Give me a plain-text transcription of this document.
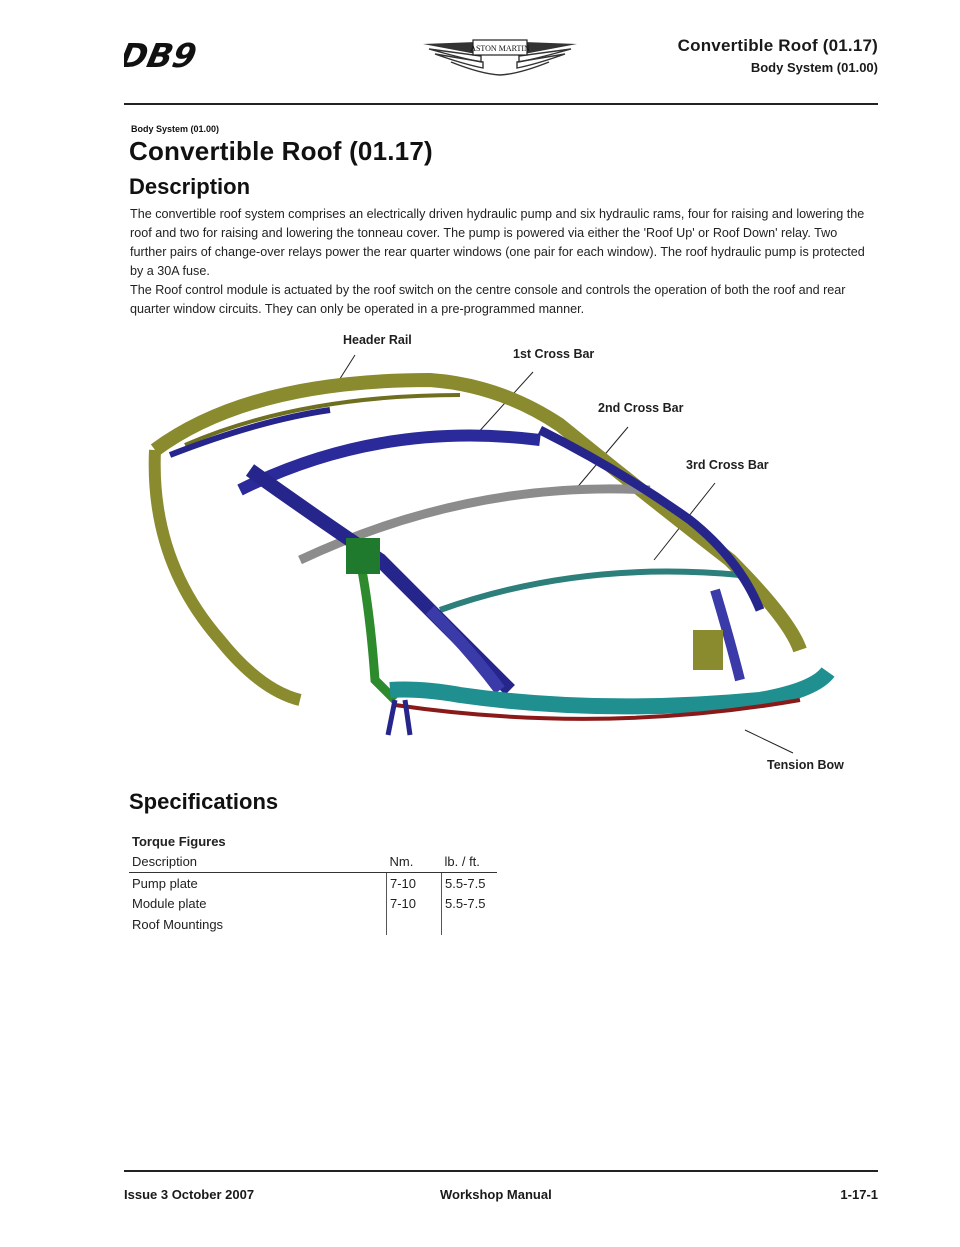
DB9	ASTON MARTIN	Convertible Roof (01.17)
Body System (01.00)
Body System (01.00)
Convertible Roof (01.17)
Description
The convertible roof system comprises an electrically driven hydraulic pump and six hydraulic rams, four for raising and lowering the roof and two for raising and lowering the tonneau cover. The pump is powered via either the 'Roof Up' or Roof Down' relay. Two further pairs of change-over relays power the rear quarter windows (one pair for each window). The roof hydraulic pump is protected by a 30A fuse.
The Roof control module is actuated by the roof switch on the centre console and controls the operation of both the roof and rear quarter window circuits. They can only be operated in a pre-programmed manner.
Header Rail
1st Cross Bar
2nd Cross Bar
3rd Cross Bar
Tension Bow
Specifications
Torque Figures		
Description	Nm.	lb. / ft.
Pump plate	7-10	5.5-7.5
Module plate	7-10	5.5-7.5
Roof Mountings		
Issue 3 October 2007	Workshop Manual	1-17-1
